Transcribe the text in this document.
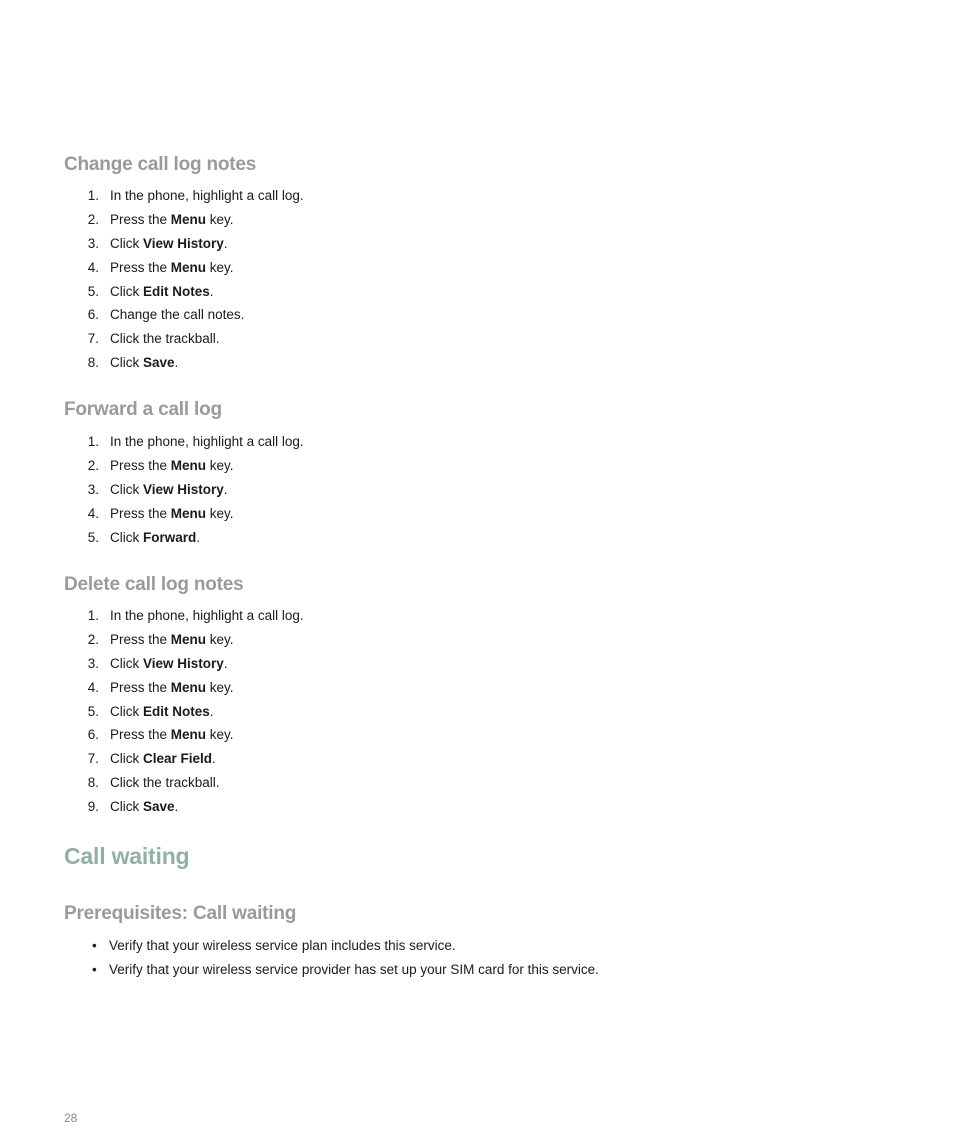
Change call log notes
1. In the phone, highlight a call log.
2. Press the Menu key.
3. Click View History.
4. Press the Menu key.
5. Click Edit Notes.
6. Change the call notes.
7. Click the trackball.
8. Click Save.
Forward a call log
1. In the phone, highlight a call log.
2. Press the Menu key.
3. Click View History.
4. Press the Menu key.
5. Click Forward.
Delete call log notes
1. In the phone, highlight a call log.
2. Press the Menu key.
3. Click View History.
4. Press the Menu key.
5. Click Edit Notes.
6. Press the Menu key.
7. Click Clear Field.
8. Click the trackball.
9. Click Save.
Call waiting
Prerequisites: Call waiting
• Verify that your wireless service plan includes this service.
• Verify that your wireless service provider has set up your SIM card for this service.
28
